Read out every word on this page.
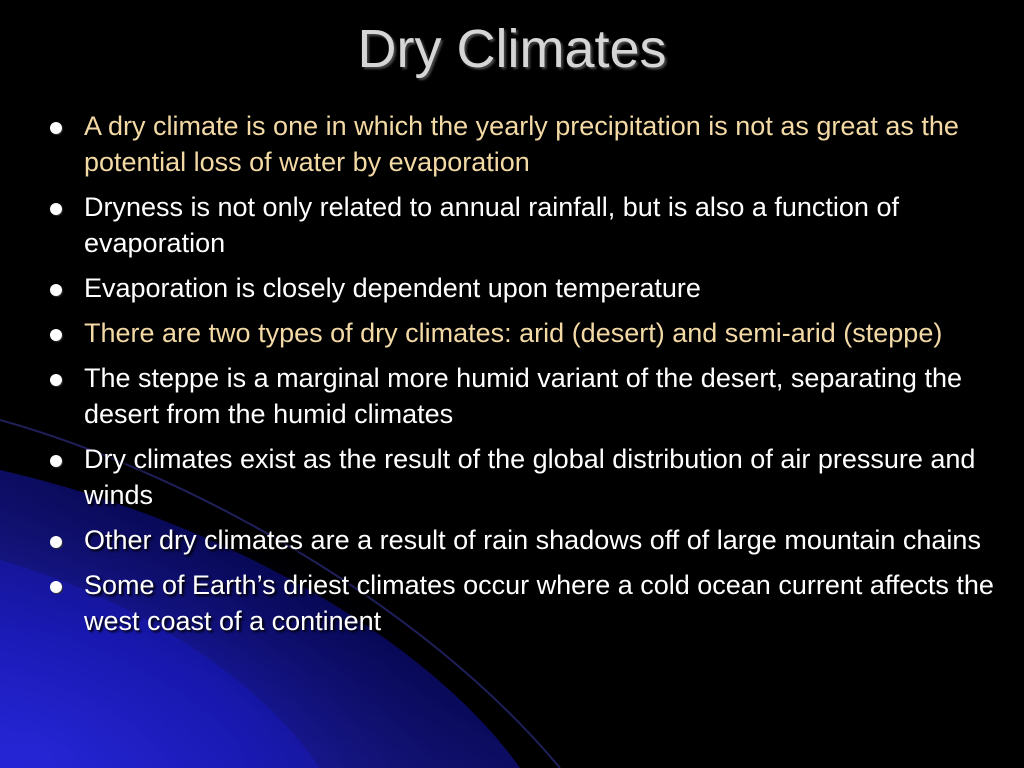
Dry Climates
A dry climate is one in which the yearly precipitation is not as great as the potential loss of water by evaporation
Dryness is not only related to annual rainfall, but is also a function of evaporation
Evaporation is closely dependent upon temperature
There are two types of dry climates: arid (desert) and semi-arid (steppe)
The steppe is a marginal more humid variant of the desert, separating the desert from the humid climates
Dry climates exist as the result of the global distribution of air pressure and winds
Other dry climates are a result of rain shadows off of large mountain chains
Some of Earth’s driest climates occur where a cold ocean current affects the west coast of a continent
